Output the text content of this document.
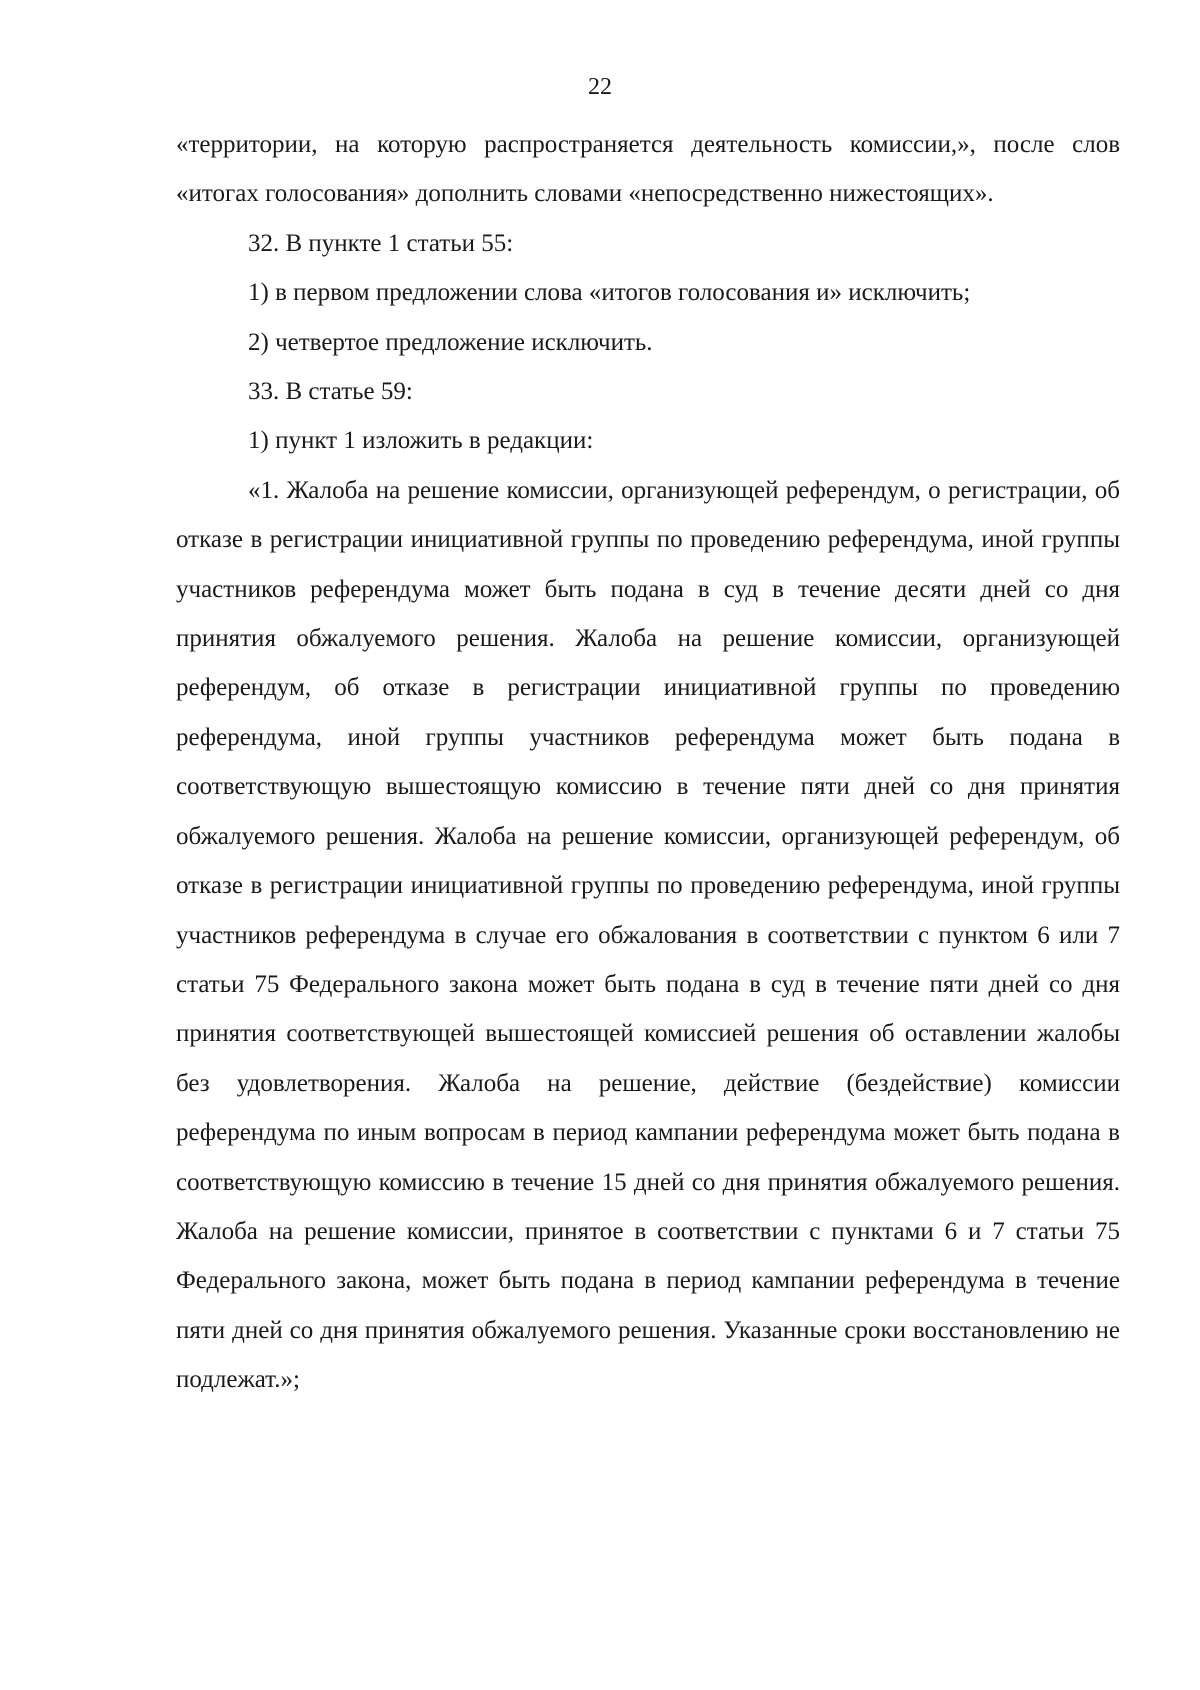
22

«территории, на которую распространяется деятельность комиссии,», после слов «итогах голосования» дополнить словами «непосредственно нижестоящих».

32. В пункте 1 статьи 55:

1) в первом предложении слова «итогов голосования и» исключить;

2) четвертое предложение исключить.

33. В статье 59:

1) пункт 1 изложить в редакции:

«1. Жалоба на решение комиссии, организующей референдум, о регистрации, об отказе в регистрации инициативной группы по проведению референдума, иной группы участников референдума может быть подана в суд в течение десяти дней со дня принятия обжалуемого решения. Жалоба на решение комиссии, организующей референдум, об отказе в регистрации инициативной группы по проведению референдума, иной группы участников референдума может быть подана в соответствующую вышестоящую комиссию в течение пяти дней со дня принятия обжалуемого решения. Жалоба на решение комиссии, организующей референдум, об отказе в регистрации инициативной группы по проведению референдума, иной группы участников референдума в случае его обжалования в соответствии с пунктом 6 или 7 статьи 75 Федерального закона может быть подана в суд в течение пяти дней со дня принятия соответствующей вышестоящей комиссией решения об оставлении жалобы без удовлетворения. Жалоба на решение, действие (бездействие) комиссии референдума по иным вопросам в период кампании референдума может быть подана в соответствующую комиссию в течение 15 дней со дня принятия обжалуемого решения. Жалоба на решение комиссии, принятое в соответствии с пунктами 6 и 7 статьи 75 Федерального закона, может быть подана в период кампании референдума в течение пяти дней со дня принятия обжалуемого решения. Указанные сроки восстановлению не подлежат.»;
